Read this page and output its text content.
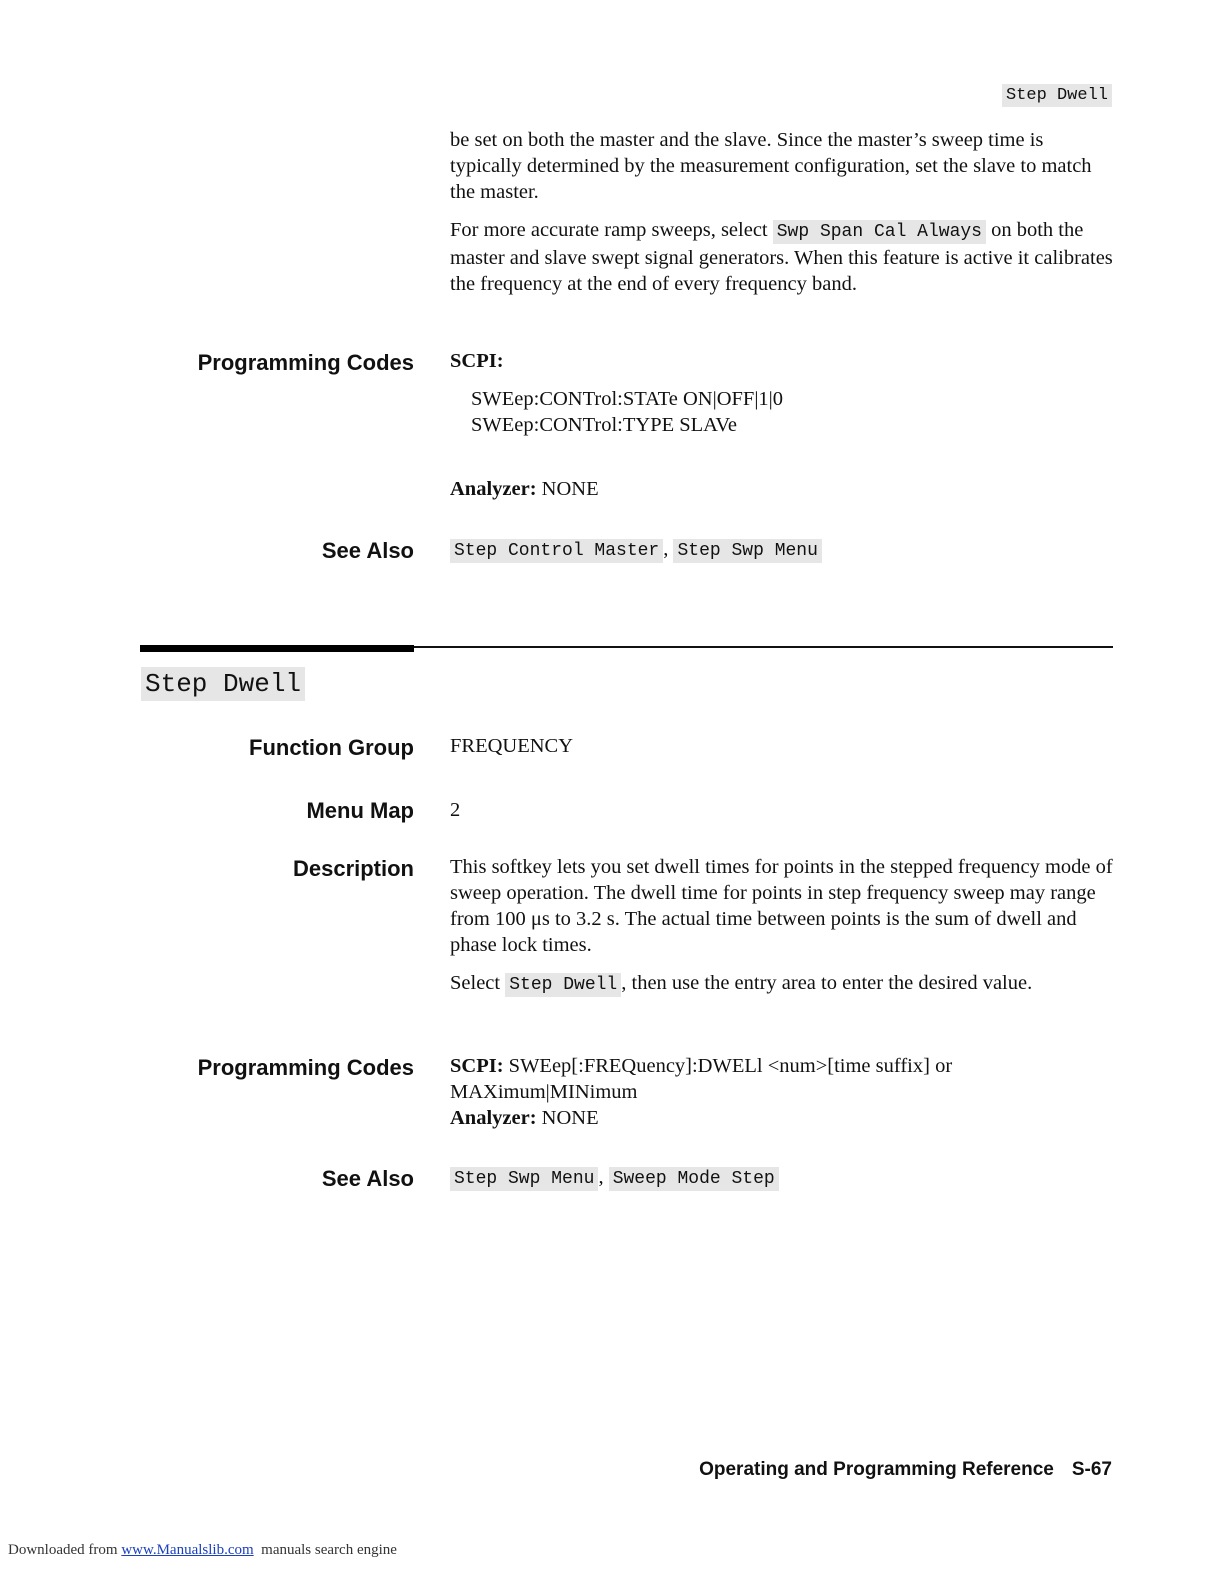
Step Dwell

be set on both the master and the slave. Since the master’s sweep time is typically determined by the measurement configuration, set the slave to match the master.

For more accurate ramp sweeps, select Swp Span Cal Always on both the master and slave swept signal generators. When this feature is active it calibrates the frequency at the end of every frequency band.

Programming Codes SCPI:

SWEep:CONTrol:STATe ON|OFF|1|0

SWEep:CONTrol:TYPE SLAVe

Analyzer: NONE

See Also Step Control Master , Step Swp Menu
Step Dwell
Function Group FREQUENCY
Menu Map 2
Description This softkey lets you set dwell times for points in the stepped frequency mode of sweep operation. The dwell time for points in step frequency sweep may range from 100 μs to 3.2 s. The actual time between points is the sum of dwell and phase lock times.

Select Step Dwell , then use the entry area to enter the desired value.

Programming Codes SCPI: SWEep[:FREQuency]:DWELl <num>[time suffix] or MAXimum|MINimum

Analyzer: NONE

See Also Step Swp Menu , Sweep Mode Step
Operating and Programming Reference S-67
Downloaded from www.Manualslib.com manuals search engine
